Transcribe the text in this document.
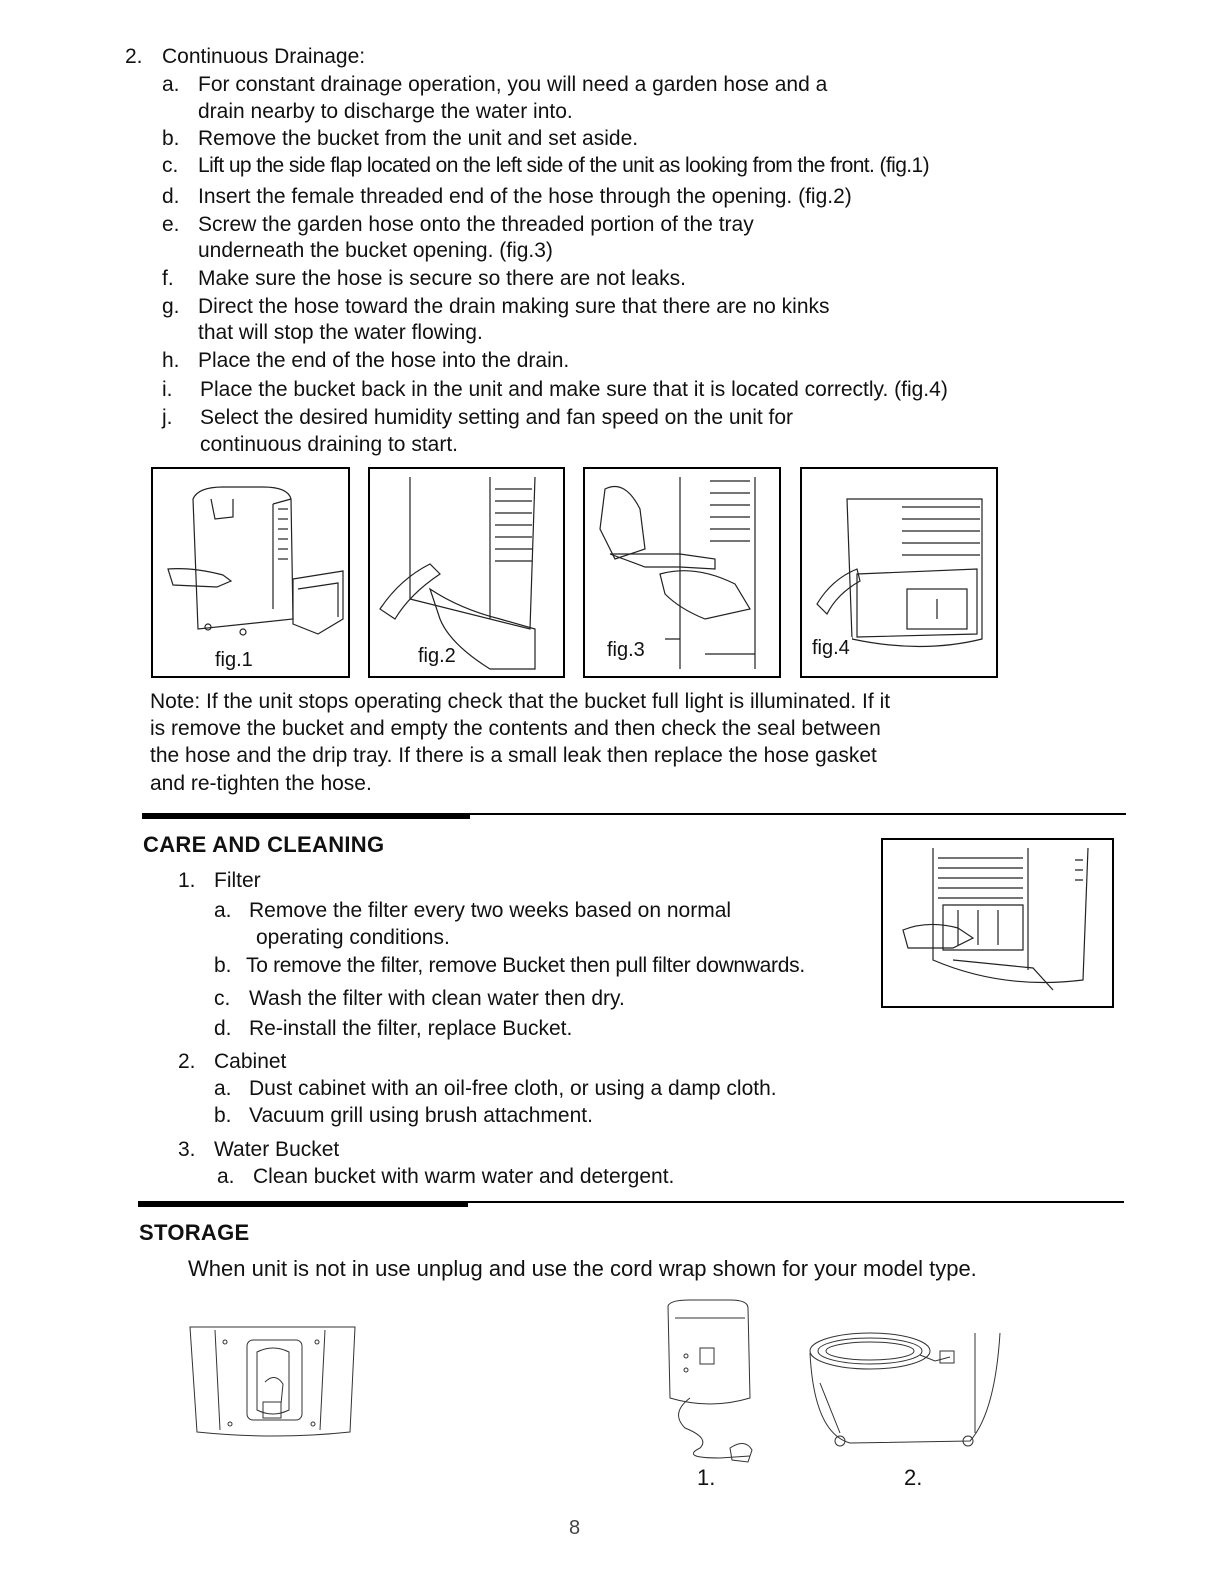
2. Continuous Drainage:
a. For constant drainage operation, you will need a garden hose and a
drain nearby to discharge the water into.
b. Remove the bucket from the unit and set aside.
c. Lift up the side flap located on the left side of the unit as looking from the front. (fig.1)
d. Insert the female threaded end of the hose through the opening. (fig.2)
e. Screw the garden hose onto the threaded portion of the tray
underneath the bucket opening. (fig.3)
f. Make sure the hose is secure so there are not leaks.
g. Direct the hose toward the drain making sure that there are no kinks
that will stop the water flowing.
h. Place the end of the hose into the drain.
i. Place the bucket back in the unit and make sure that it is located correctly. (fig.4)
j. Select the desired humidity setting and fan speed on the unit for
continuous draining to start.
fig.1	fig.2	fig.3	fig.4
Note: If the unit stops operating check that the bucket full light is illuminated. If it
is remove the bucket and empty the contents and then check the seal between
the hose and the drip tray. If there is a small leak then replace the hose gasket
and re-tighten the hose.
CARE AND CLEANING
1. Filter
a. Remove the filter every two weeks based on normal
operating conditions.
b. To remove the filter, remove Bucket then pull filter downwards.
c. Wash the filter with clean water then dry.
d. Re-install the filter, replace Bucket.
2. Cabinet
a. Dust cabinet with an oil-free cloth, or using a damp cloth.
b. Vacuum grill using brush attachment.
3. Water Bucket
a. Clean bucket with warm water and detergent.
STORAGE
When unit is not in use unplug and use the cord wrap shown for your model type.
1.	2.
8
